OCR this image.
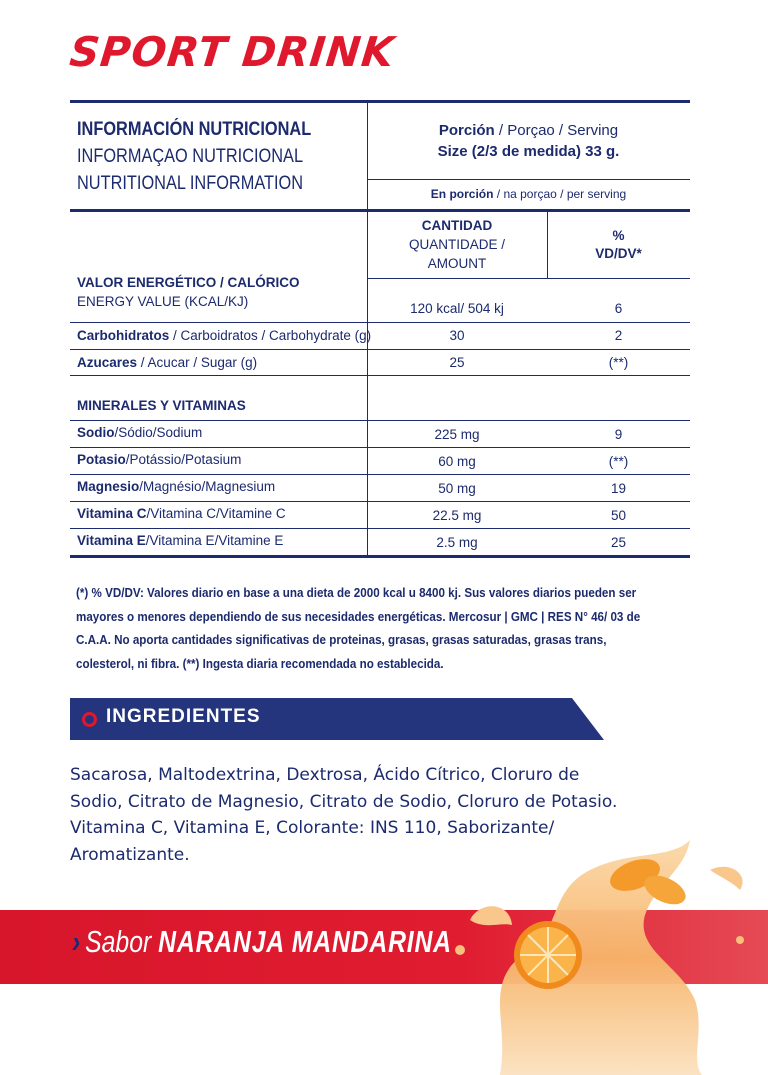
SPORT DRINK
INFORMACIÓN NUTRICIONAL
INFORMAÇAO NUTRICIONAL
NUTRITIONAL INFORMATION
Porción / Porçao / Serving
Size (2/3 de medida) 33 g.
En porción / na porçao / per serving
CANTIDAD
QUANTIDADE /
AMOUNT
%
VD/DV*
VALOR ENERGÉTICO / CALÓRICO
ENERGY VALUE (KCAL/KJ)	120 kcal/ 504 kj	6
Carbohidratos / Carboidratos / Carbohydrate (g)	30	2
Azucares / Acucar / Sugar (g)	25	(**)
MINERALES Y VITAMINAS
Sodio/Sódio/Sodium	225 mg	9
Potasio/Potássio/Potasium	60 mg	(**)
Magnesio/Magnésio/Magnesium	50 mg	19
Vitamina C/Vitamina C/Vitamine C	22.5 mg	50
Vitamina E/Vitamina E/Vitamine E	2.5 mg	25
(*) % VD/DV: Valores diario en base a una dieta de 2000 kcal u 8400 kj. Sus valores diarios pueden ser mayores o menores dependiendo de sus necesidades energéticas. Mercosur | GMC | RES N° 46/ 03 de C.A.A. No aporta cantidades significativas de proteinas, grasas, grasas saturadas, grasas trans, colesterol, ni fibra. (**) Ingesta diaria recomendada no establecida.
INGREDIENTES
Sacarosa, Maltodextrina, Dextrosa, Ácido Cítrico, Cloruro de Sodio, Citrato de Magnesio, Citrato de Sodio, Cloruro de Potasio. Vitamina C, Vitamina E, Colorante: INS 110, Saborizante/ Aromatizante.
› Sabor NARANJA MANDARINA
